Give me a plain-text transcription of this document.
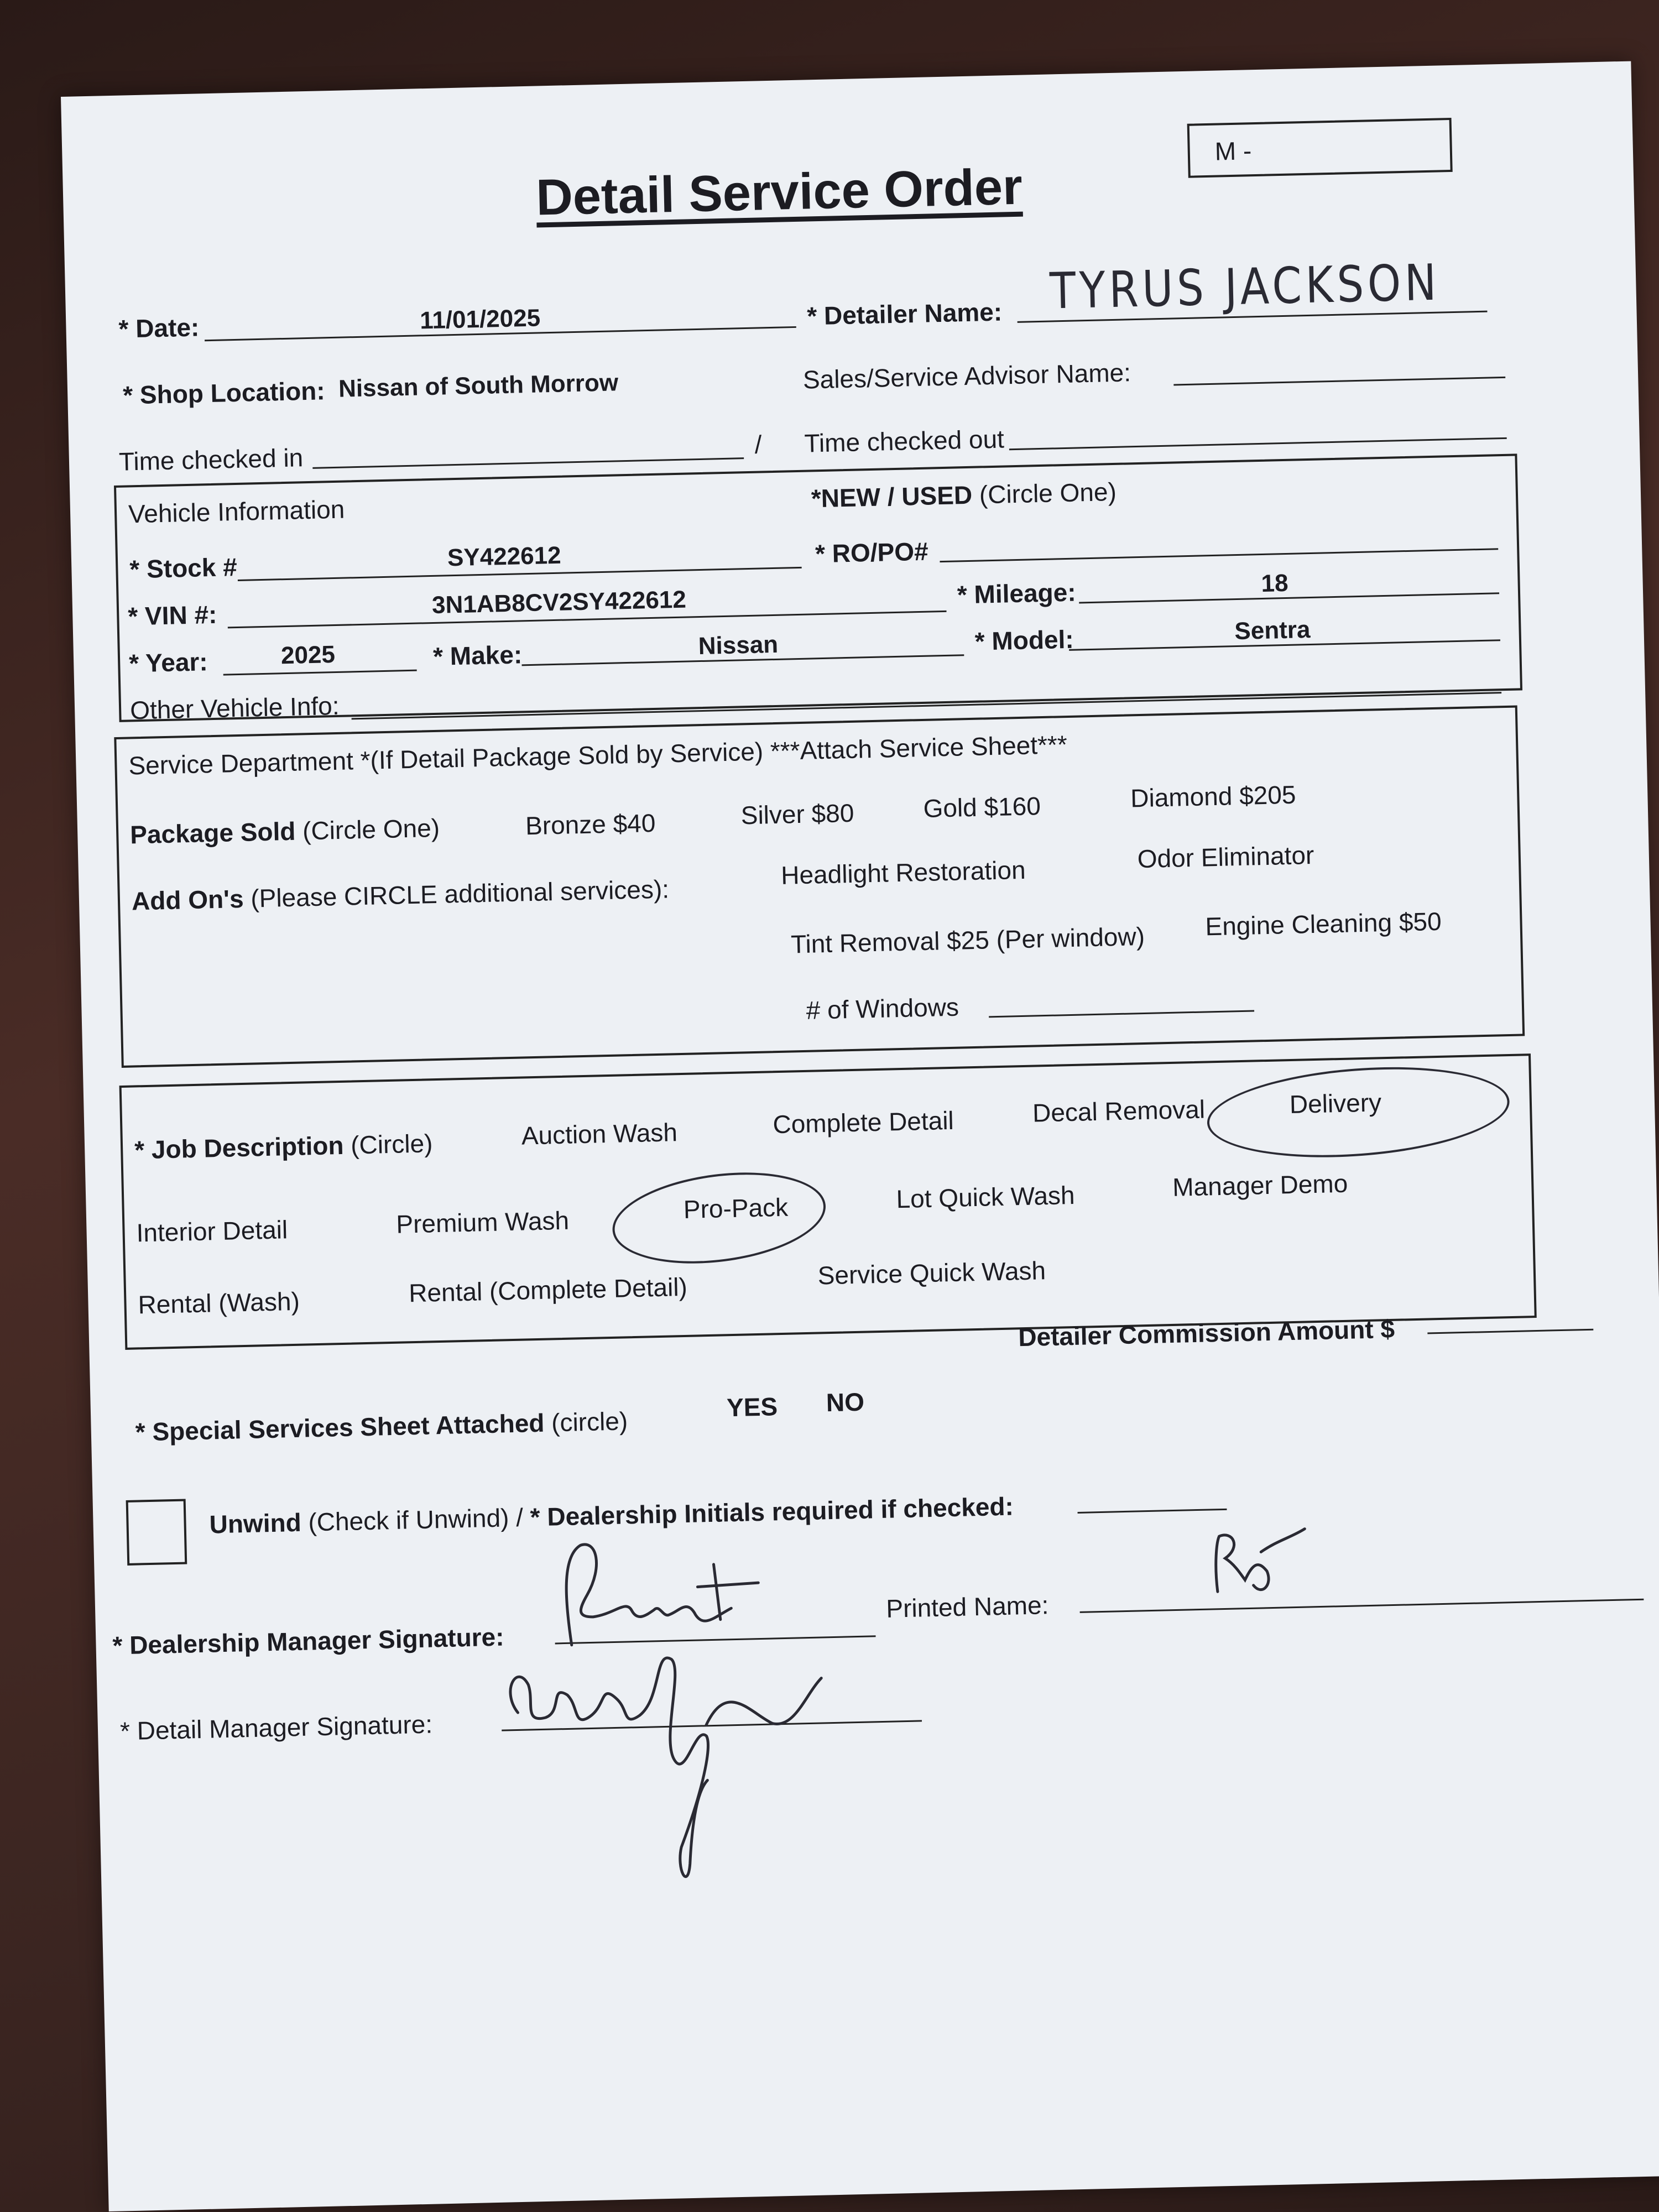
Detail Service Order
M -
* Date:	11/01/2025	* Detailer Name: TYRUS JACKSON
* Shop Location: Nissan of South Morrow	Sales/Service Advisor Name:
Time checked in	/ Time checked out
Vehicle Information	*NEW / USED (Circle One)
* Stock #	SY422612	* RO/PO#
* VIN #:	3N1AB8CV2SY422612	* Mileage:	18
* Year:	2025	* Make:	Nissan	* Model:	Sentra
Other Vehicle Info:
Service Department *(If Detail Package Sold by Service) ***Attach Service Sheet***
Package Sold (Circle One)	Bronze $40	Silver $80	Gold $160	Diamond $205
Add On's (Please CIRCLE additional services):
Headlight Restoration	Odor Eliminator
Tint Removal $25 (Per window) Engine Cleaning $50
# of Windows
* Job Description (Circle)	Auction Wash	Complete Detail	Decal Removal	Delivery
Interior Detail	Premium Wash	Pro-Pack	Lot Quick Wash	Manager Demo
Rental (Wash)	Rental (Complete Detail)	Service Quick Wash
Detailer Commission Amount $
* Special Services Sheet Attached (circle)	YES NO
Unwind (Check if Unwind) / * Dealership Initials required if checked:
* Dealership Manager Signature:
Printed Name:
* Detail Manager Signature:
